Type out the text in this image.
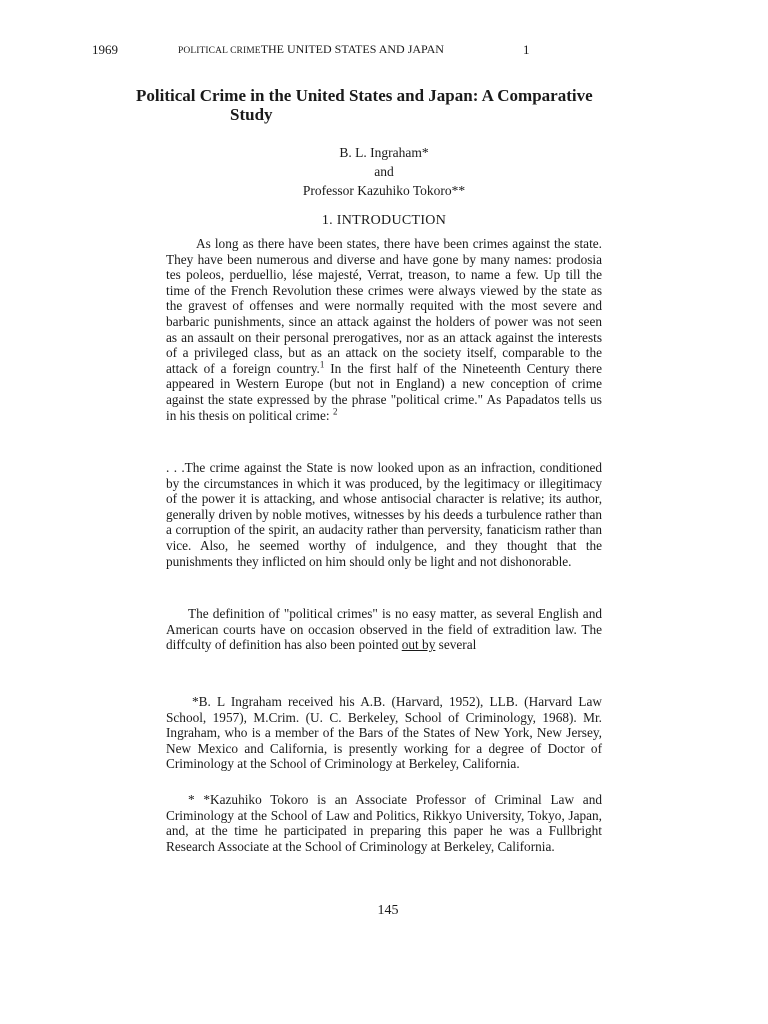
1969	POLITICAL CRIMETHE UNITED STATES AND JAPAN	1
Political Crime in the United States and Japan: A Comparative
Study
B. L. Ingraham*
and
Professor Kazuhiko Tokoro**
1. INTRODUCTION

As long as there have been states, there have been crimes against the state. They have been numerous and diverse and have gone by many names: prodosia tes poleos, perduellio, lése majesté, Verrat, treason, to name a few. Up till the time of the French Revolution these crimes were always viewed by the state as the gravest of offenses and were normally requited with the most severe and barbaric punishments, since an attack against the holders of power was not seen as an assault on their personal prerogatives, nor as an attack against the interests of a privileged class, but as an attack on the society itself, comparable to the attack of a foreign country.$^1$ In the first half of the Nineteenth Century there appeared in Western Europe (but not in England) a new conception of crime against the state expressed by the phrase "political crime." As Papadatos tells us in his thesis on political crime: $^2$

. . .The crime against the State is now looked upon as an infraction, conditioned by the circumstances in which it was produced, by the legitimacy or illegitimacy of the power it is attacking, and whose antisocial character is relative; its author, generally driven by noble motives, witnesses by his deeds a turbulence rather than a corruption of the spirit, an audacity rather than perversity, fanaticism rather than vice. Also, he seemed worthy of indulgence, and they thought that the punishments they inflicted on him should only be light and not dishonorable.

The definition of "political crimes" is no easy matter, as several English and American courts have on occasion observed in the field of extradition law. The diffculty of definition has also been pointed out by several

*B. L Ingraham received his A.B. (Harvard, 1952), LLB. (Harvard Law School, 1957), M.Crim. (U. C. Berkeley, School of Criminology, 1968). Mr. Ingraham, who is a member of the Bars of the States of New York, New Jersey, New Mexico and California, is presently working for a degree of Doctor of Criminology at the School of Criminology at Berkeley, California.

* *Kazuhiko Tokoro is an Associate Professor of Criminal Law and Criminology at the School of Law and Politics, Rikkyo University, Tokyo, Japan, and, at the time he participated in preparing this paper he was a Fullbright Research Associate at the School of Criminology at Berkeley, California.

145
